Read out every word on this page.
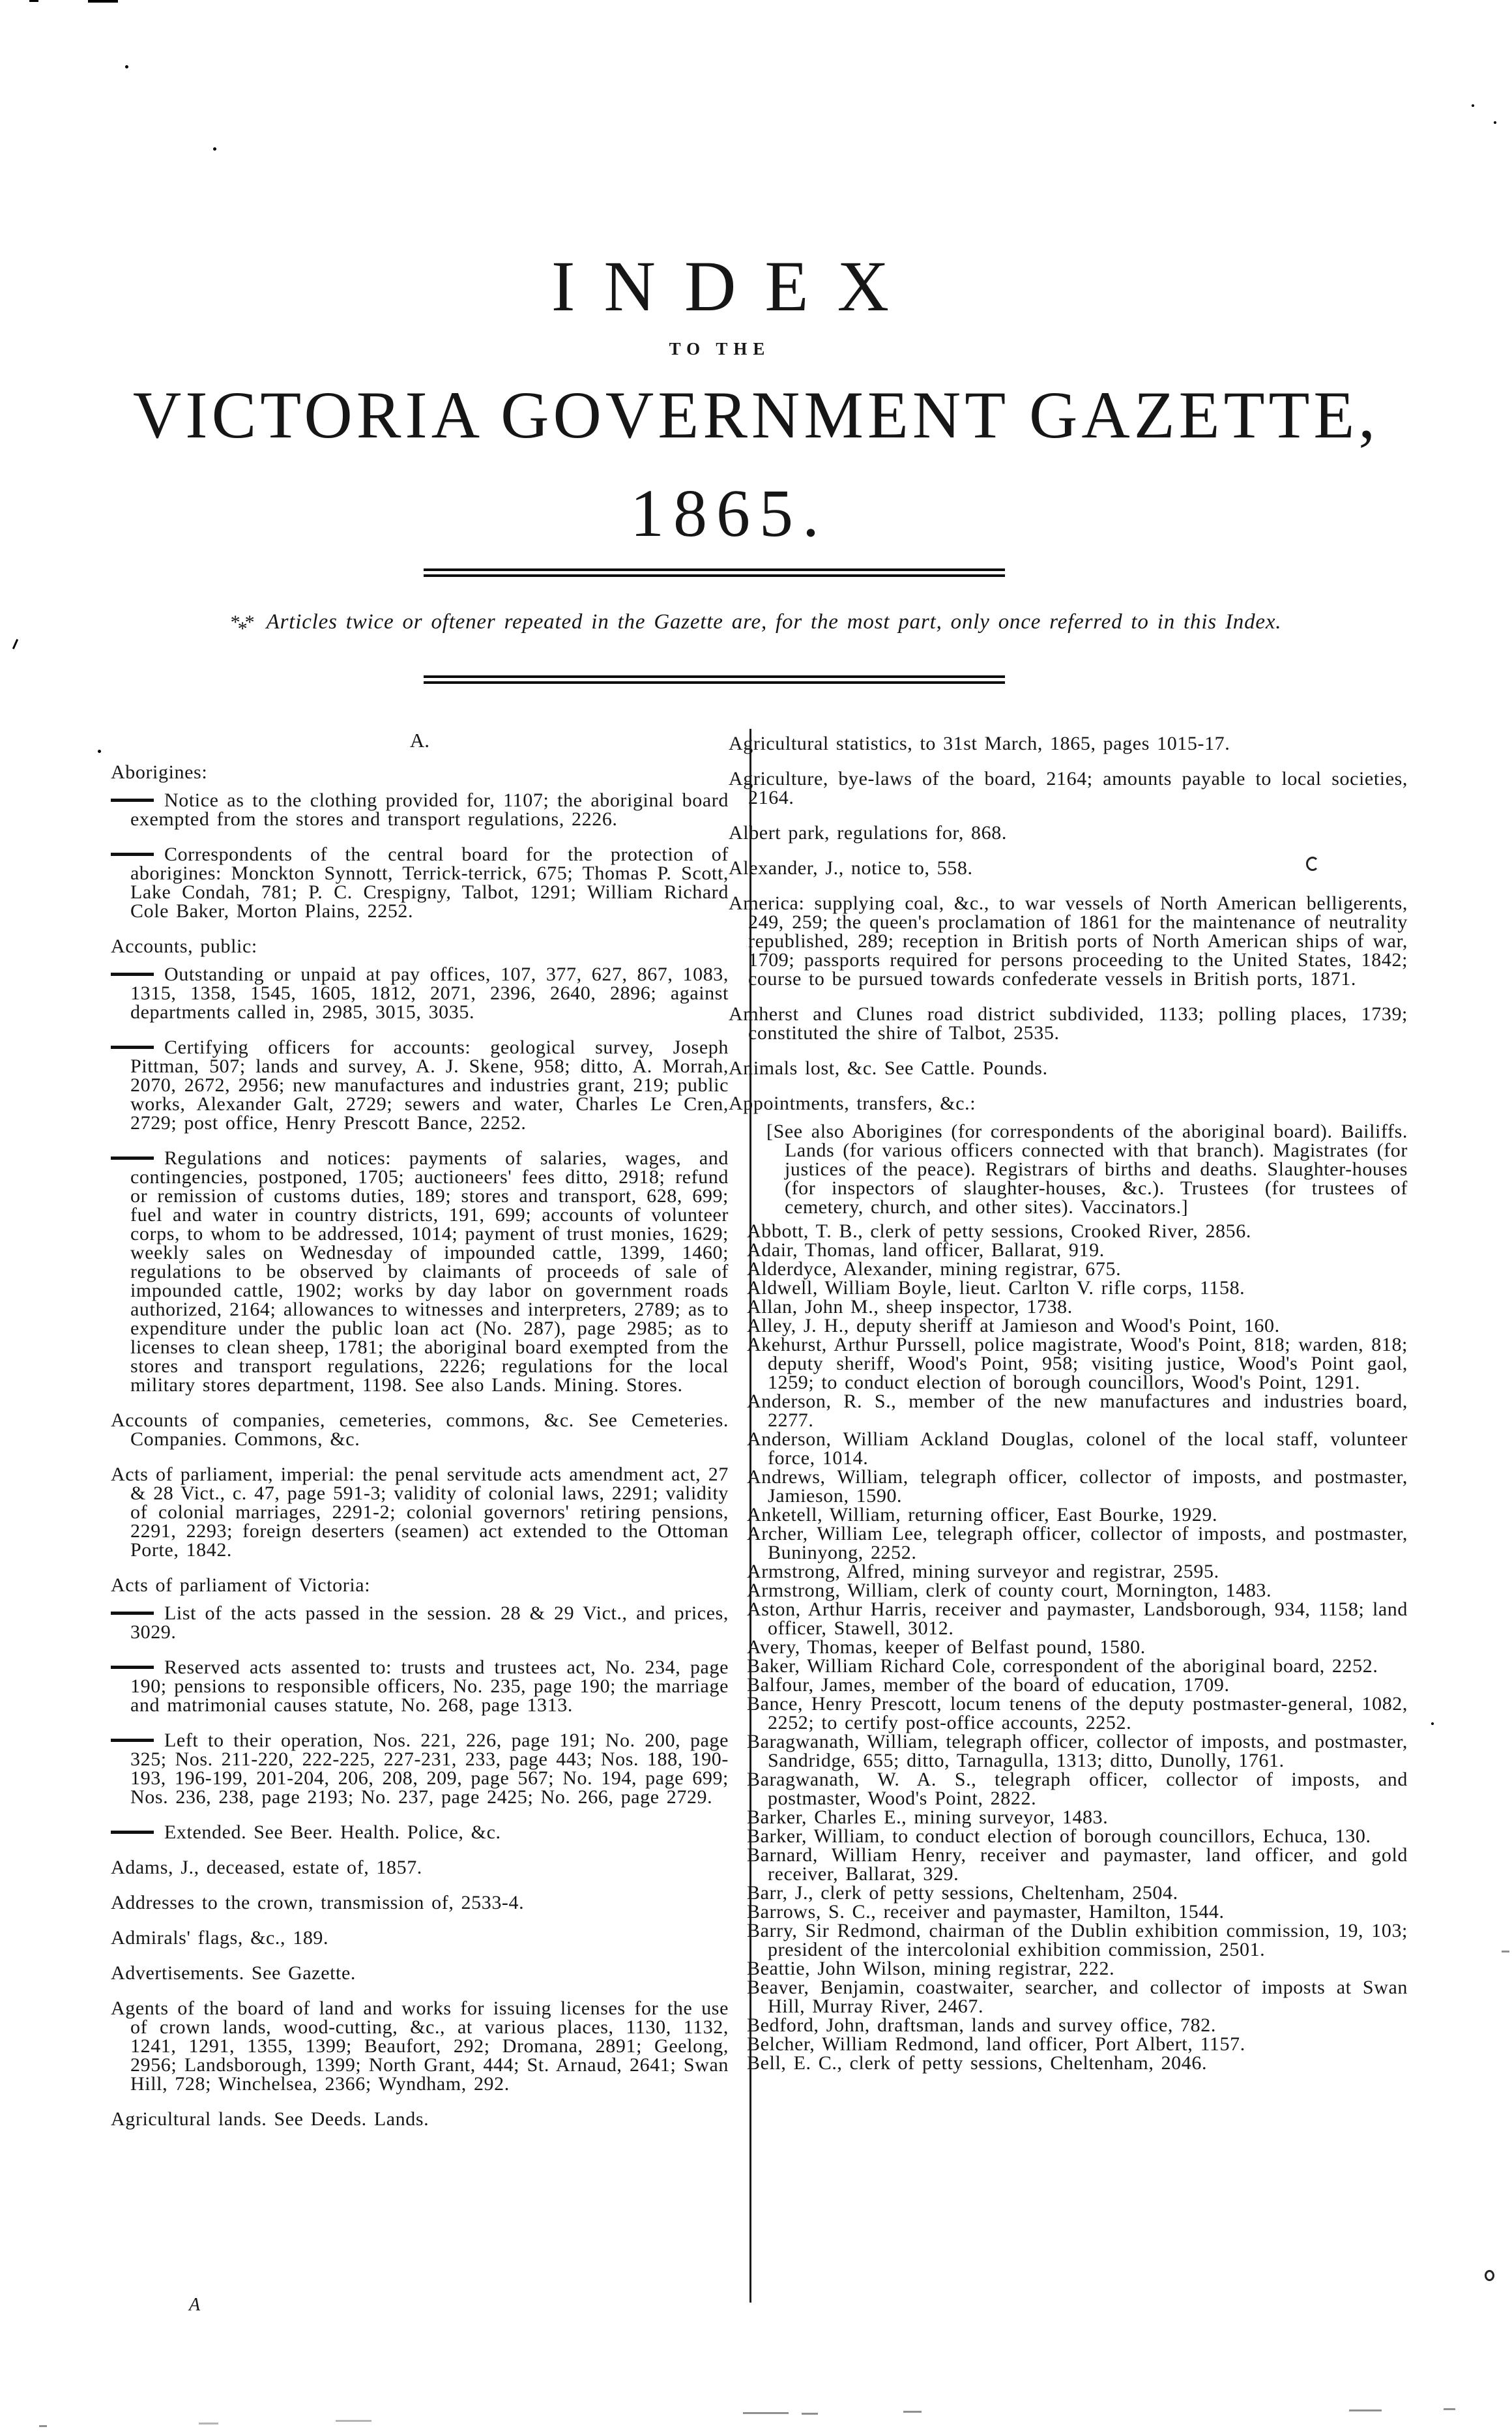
INDEX
TO THE
VICTORIA GOVERNMENT GAZETTE,
1865.
*** Articles twice or oftener repeated in the Gazette are, for the most part, only once referred to in this Index.
A.

Aborigines:

Notice as to the clothing provided for, 1107; the aboriginal board exempted from the stores and transport regulations, 2226.

Correspondents of the central board for the protection of aborigines: Monckton Synnott, Terrick-terrick, 675; Thomas P. Scott, Lake Condah, 781; P. C. Crespigny, Talbot, 1291; William Richard Cole Baker, Morton Plains, 2252.

Accounts, public:

Outstanding or unpaid at pay offices, 107, 377, 627, 867, 1083, 1315, 1358, 1545, 1605, 1812, 2071, 2396, 2640, 2896; against departments called in, 2985, 3015, 3035.

Certifying officers for accounts: geological survey, Joseph Pittman, 507; lands and survey, A. J. Skene, 958; ditto, A. Morrah, 2070, 2672, 2956; new manufactures and industries grant, 219; public works, Alexander Galt, 2729; sewers and water, Charles Le Cren, 2729; post office, Henry Prescott Bance, 2252.

Regulations and notices: payments of salaries, wages, and contingencies, postponed, 1705; auctioneers' fees ditto, 2918; refund or remission of customs duties, 189; stores and transport, 628, 699; fuel and water in country districts, 191, 699; accounts of volunteer corps, to whom to be addressed, 1014; payment of trust monies, 1629; weekly sales on Wednesday of impounded cattle, 1399, 1460; regulations to be observed by claimants of proceeds of sale of impounded cattle, 1902; works by day labor on government roads authorized, 2164; allowances to witnesses and interpreters, 2789; as to expenditure under the public loan act (No. 287), page 2985; as to licenses to clean sheep, 1781; the aboriginal board exempted from the stores and transport regulations, 2226; regulations for the local military stores department, 1198. See also Lands. Mining. Stores.

Accounts of companies, cemeteries, commons, &c. See Cemeteries. Companies. Commons, &c.

Acts of parliament, imperial: the penal servitude acts amendment act, 27 & 28 Vict., c. 47, page 591-3; validity of colonial laws, 2291; validity of colonial marriages, 2291-2; colonial governors' retiring pensions, 2291, 2293; foreign deserters (seamen) act extended to the Ottoman Porte, 1842.

Acts of parliament of Victoria:

List of the acts passed in the session. 28 & 29 Vict., and prices, 3029.

Reserved acts assented to: trusts and trustees act, No. 234, page 190; pensions to responsible officers, No. 235, page 190; the marriage and matrimonial causes statute, No. 268, page 1313.

Left to their operation, Nos. 221, 226, page 191; No. 200, page 325; Nos. 211-220, 222-225, 227-231, 233, page 443; Nos. 188, 190-193, 196-199, 201-204, 206, 208, 209, page 567; No. 194, page 699; Nos. 236, 238, page 2193; No. 237, page 2425; No. 266, page 2729.

Extended. See Beer. Health. Police, &c.

Adams, J., deceased, estate of, 1857.

Addresses to the crown, transmission of, 2533-4.

Admirals' flags, &c., 189.

Advertisements. See Gazette.

Agents of the board of land and works for issuing licenses for the use of crown lands, wood-cutting, &c., at various places, 1130, 1132, 1241, 1291, 1355, 1399; Beaufort, 292; Dromana, 2891; Geelong, 2956; Landsborough, 1399; North Grant, 444; St. Arnaud, 2641; Swan Hill, 728; Winchelsea, 2366; Wyndham, 292.

Agricultural lands. See Deeds. Lands.

Agricultural statistics, to 31st March, 1865, pages 1015-17.

Agriculture, bye-laws of the board, 2164; amounts payable to local societies, 2164.

Albert park, regulations for, 868.

Alexander, J., notice to, 558.

America: supplying coal, &c., to war vessels of North American belligerents, 249, 259; the queen's proclamation of 1861 for the maintenance of neutrality republished, 289; reception in British ports of North American ships of war, 1709; passports required for persons proceeding to the United States, 1842; course to be pursued towards confederate vessels in British ports, 1871.

Amherst and Clunes road district subdivided, 1133; polling places, 1739; constituted the shire of Talbot, 2535.

Animals lost, &c. See Cattle. Pounds.

Appointments, transfers, &c.:

[See also Aborigines (for correspondents of the aboriginal board). Bailiffs. Lands (for various officers connected with that branch). Magistrates (for justices of the peace). Registrars of births and deaths. Slaughter-houses (for inspectors of slaughter-houses, &c.). Trustees (for trustees of cemetery, church, and other sites). Vaccinators.]

Abbott, T. B., clerk of petty sessions, Crooked River, 2856.

Adair, Thomas, land officer, Ballarat, 919.

Alderdyce, Alexander, mining registrar, 675.

Aldwell, William Boyle, lieut. Carlton V. rifle corps, 1158.

Allan, John M., sheep inspector, 1738.

Alley, J. H., deputy sheriff at Jamieson and Wood's Point, 160.

Akehurst, Arthur Purssell, police magistrate, Wood's Point, 818; warden, 818; deputy sheriff, Wood's Point, 958; visiting justice, Wood's Point gaol, 1259; to conduct election of borough councillors, Wood's Point, 1291.

Anderson, R. S., member of the new manufactures and industries board, 2277.

Anderson, William Ackland Douglas, colonel of the local staff, volunteer force, 1014.

Andrews, William, telegraph officer, collector of imposts, and postmaster, Jamieson, 1590.

Anketell, William, returning officer, East Bourke, 1929.

Archer, William Lee, telegraph officer, collector of imposts, and postmaster, Buninyong, 2252.

Armstrong, Alfred, mining surveyor and registrar, 2595.

Armstrong, William, clerk of county court, Mornington, 1483.

Aston, Arthur Harris, receiver and paymaster, Landsborough, 934, 1158; land officer, Stawell, 3012.

Avery, Thomas, keeper of Belfast pound, 1580.

Baker, William Richard Cole, correspondent of the aboriginal board, 2252.

Balfour, James, member of the board of education, 1709.

Bance, Henry Prescott, locum tenens of the deputy postmaster-general, 1082, 2252; to certify post-office accounts, 2252.

Baragwanath, William, telegraph officer, collector of imposts, and postmaster, Sandridge, 655; ditto, Tarnagulla, 1313; ditto, Dunolly, 1761.

Baragwanath, W. A. S., telegraph officer, collector of imposts, and postmaster, Wood's Point, 2822.

Barker, Charles E., mining surveyor, 1483.

Barker, William, to conduct election of borough councillors, Echuca, 130.

Barnard, William Henry, receiver and paymaster, land officer, and gold receiver, Ballarat, 329.

Barr, J., clerk of petty sessions, Cheltenham, 2504.

Barrows, S. C., receiver and paymaster, Hamilton, 1544.

Barry, Sir Redmond, chairman of the Dublin exhibition commission, 19, 103; president of the intercolonial exhibition commission, 2501.

Beattie, John Wilson, mining registrar, 222.

Beaver, Benjamin, coastwaiter, searcher, and collector of imposts at Swan Hill, Murray River, 2467.

Bedford, John, draftsman, lands and survey office, 782.

Belcher, William Redmond, land officer, Port Albert, 1157.

Bell, E. C., clerk of petty sessions, Cheltenham, 2046.

A
